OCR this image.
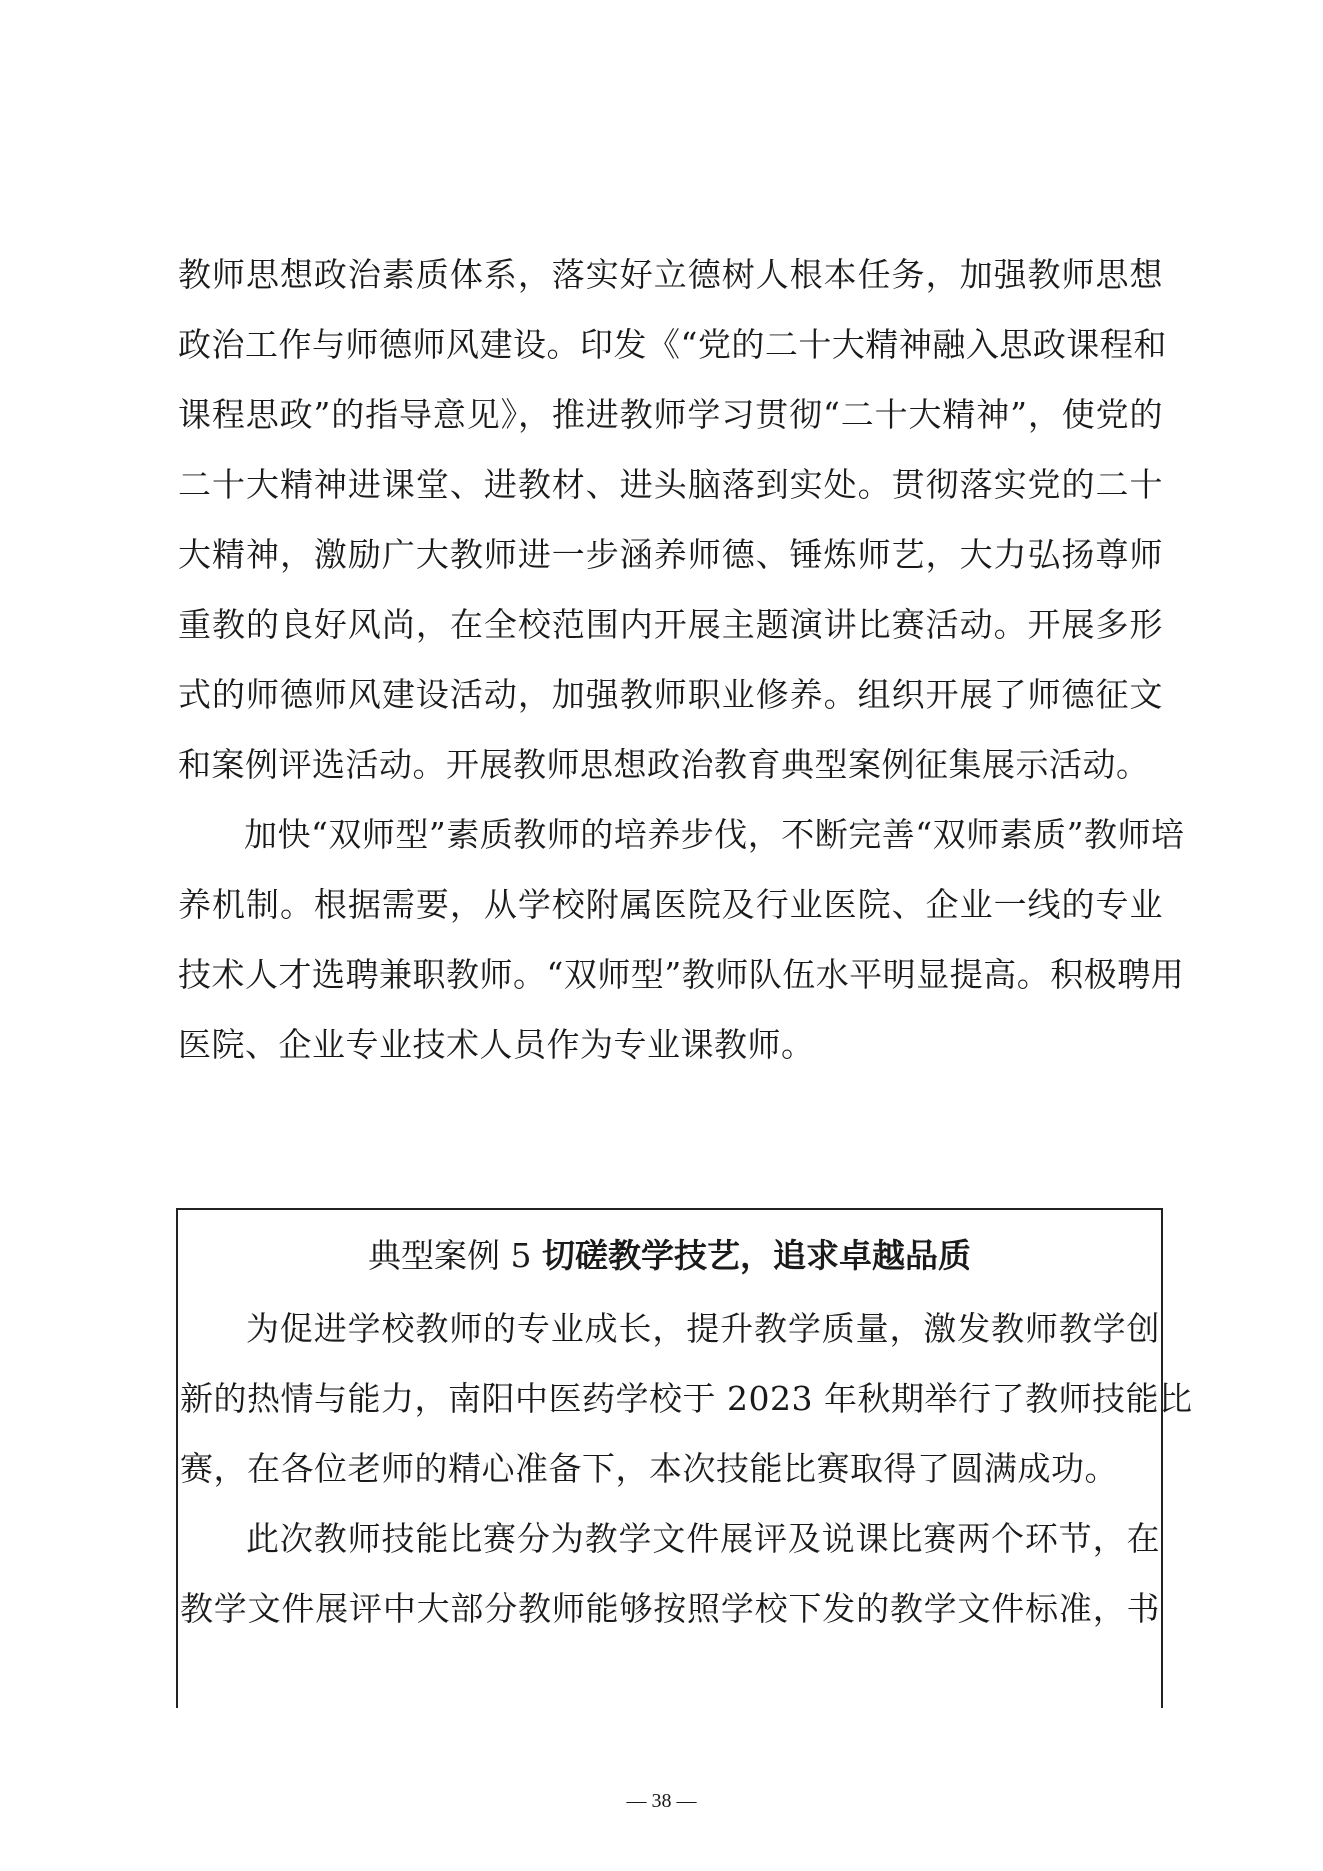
教师思想政治素质体系，落实好立德树人根本任务，加强教师思想
政治工作与师德师风建设。印发《“党的二十大精神融入思政课程和
课程思政”的指导意见》，推进教师学习贯彻“二十大精神”，使党的
二十大精神进课堂、进教材、进头脑落到实处。贯彻落实党的二十
大精神，激励广大教师进一步涵养师德、锤炼师艺，大力弘扬尊师
重教的良好风尚，在全校范围内开展主题演讲比赛活动。开展多形
式的师德师风建设活动，加强教师职业修养。组织开展了师德征文
和案例评选活动。开展教师思想政治教育典型案例征集展示活动。
加快“双师型”素质教师的培养步伐，不断完善“双师素质”教师培
养机制。根据需要，从学校附属医院及行业医院、企业一线的专业
技术人才选聘兼职教师。“双师型”教师队伍水平明显提高。积极聘用
医院、企业专业技术人员作为专业课教师。
典型案例 5 切磋教学技艺，追求卓越品质
为促进学校教师的专业成长，提升教学质量，激发教师教学创
新的热情与能力，南阳中医药学校于 2023 年秋期举行了教师技能比
赛，在各位老师的精心准备下，本次技能比赛取得了圆满成功。
此次教师技能比赛分为教学文件展评及说课比赛两个环节，在
教学文件展评中大部分教师能够按照学校下发的教学文件标准，书
— 38 —
